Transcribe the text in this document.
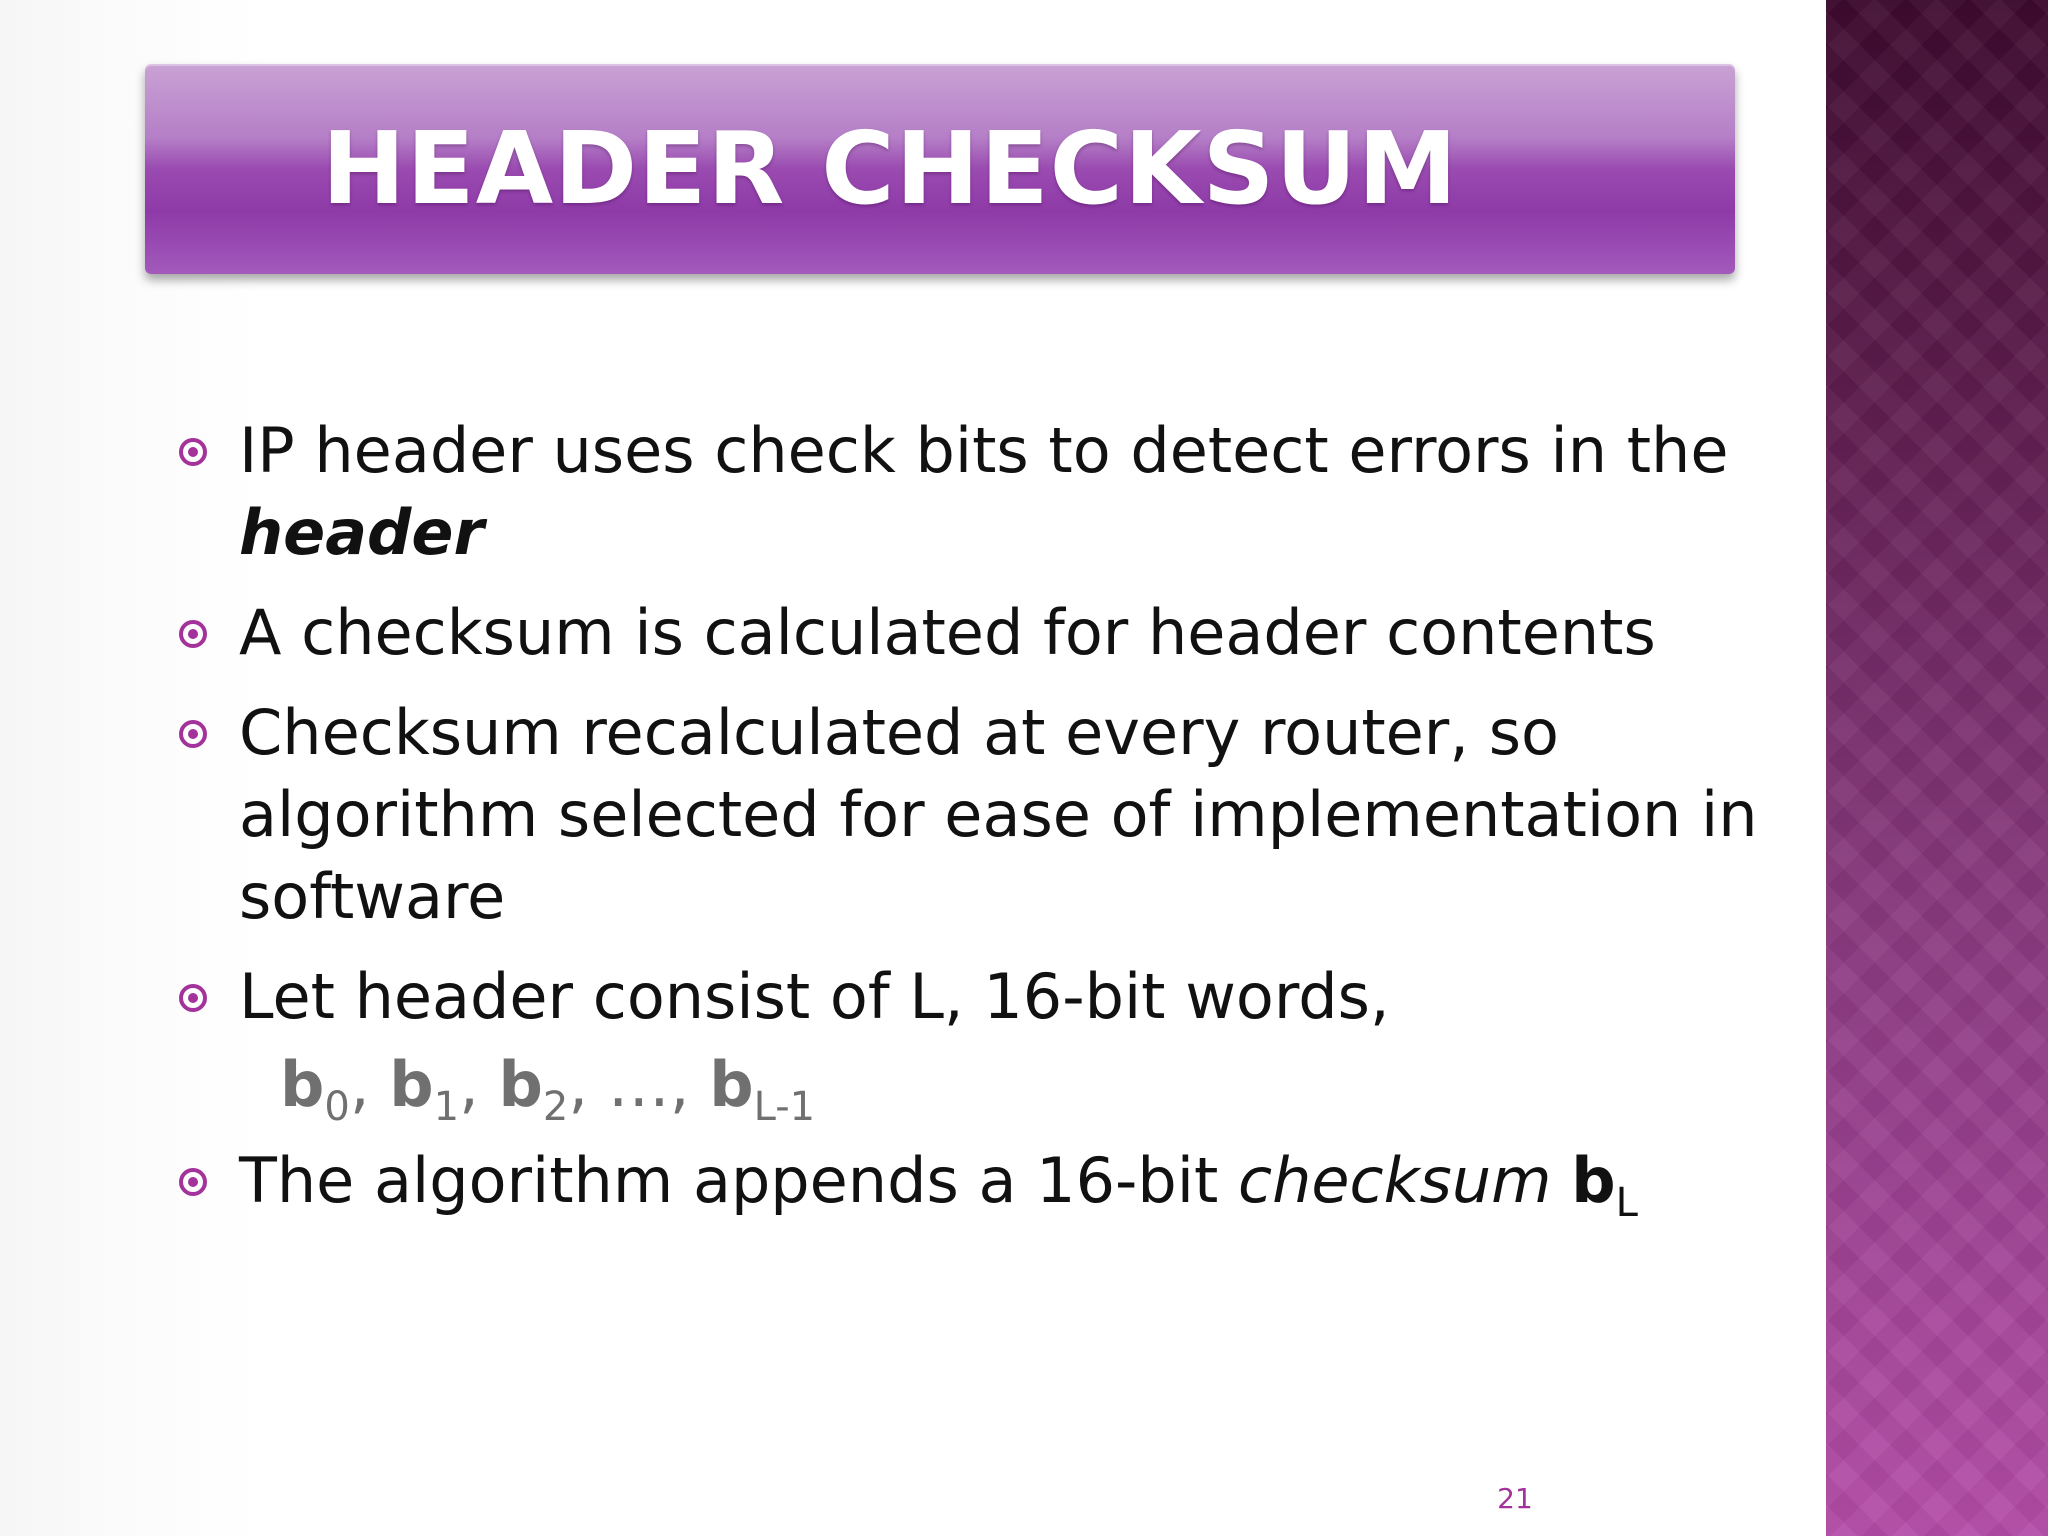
HEADER CHECKSUM
IP header uses check bits to detect errors in the header
A checksum is calculated for header contents
Checksum recalculated at every router, so algorithm selected for ease of implementation in software
Let header consist of L, 16-bit words,
$b_0$, $b_1$, $b_2$, …, $b_{L-1}$
The algorithm appends a 16-bit checksum $b_L$
21
